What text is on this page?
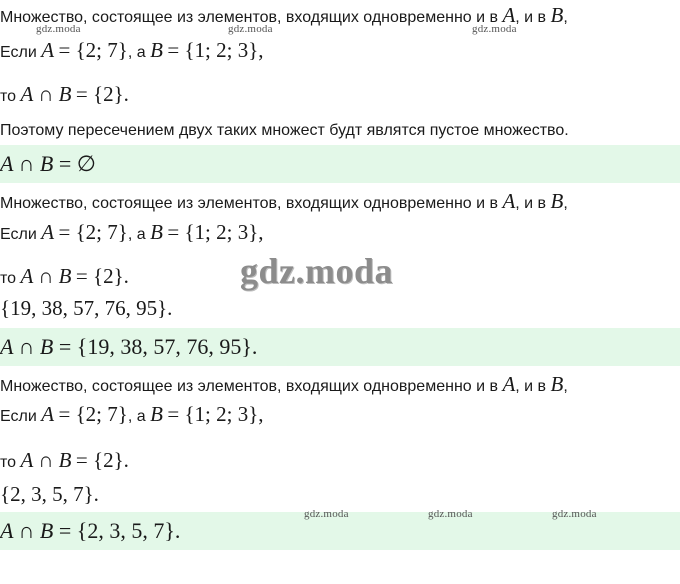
gdz.moda	gdz.moda	gdz.moda
Множество, состоящее из элементов, входящих одновременно и в A, и в B,
Если A = {2; 7}, а B = {1; 2; 3},
то A ∩ B = {2}.
Поэтому пересечением двух таких множест будт являтся пустое множество.
A ∩ B
= ∅
Множество, состоящее из элементов, входящих одновременно и в A, и в B,
Если A = {2; 7}, а B = {1; 2; 3},
то A ∩ B = {2}.
{19, 38, 57, 76, 95}.
gdz.moda
A ∩ B
= {19, 38, 57, 76, 95}.
Множество, состоящее из элементов, входящих одновременно и в A, и в B,
Если A = {2; 7}, а B = {1; 2; 3},
то A ∩ B = {2}.
{2, 3, 5, 7}.
A ∩ B
= {2, 3, 5, 7}.
gdz.moda	gdz.moda	gdz.moda
